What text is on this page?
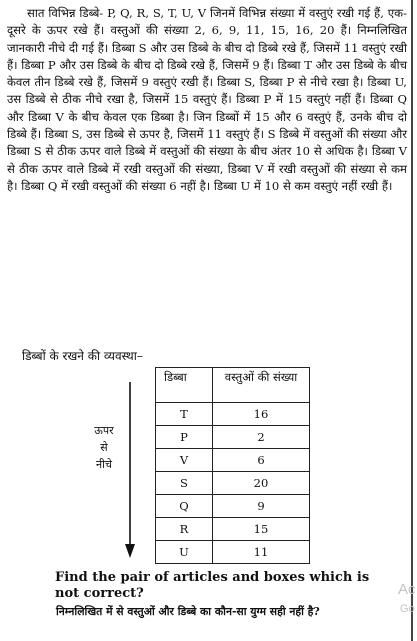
सात विभिन्न डिब्बे- P, Q, R, S, T, U, V जिनमें विभिन्न संख्या में वस्तुएं रखी गई हैं, एक-दूसरे के ऊपर रखे हैं। वस्तुओं की संख्या 2, 6, 9, 11, 15, 16, 20 हैं। निम्नलिखित जानकारी नीचे दी गई हैं। डिब्बा S और उस डिब्बे के बीच दो डिब्बे रखे हैं, जिसमें 11 वस्तुएं रखी हैं। डिब्बा P और उस डिब्बे के बीच दो डिब्बे रखे हैं, जिसमें 9 हैं। डिब्बा T और उस डिब्बे के बीच केवल तीन डिब्बे रखे हैं, जिसमें 9 वस्तुएं रखी हैं। डिब्बा S, डिब्बा P से नीचे रखा है। डिब्बा U, उस डिब्बे से ठीक नीचे रखा है, जिसमें 15 वस्तुएं हैं। डिब्बा P में 15 वस्तुएं नहीं हैं। डिब्बा Q और डिब्बा V के बीच केवल एक डिब्बा है। जिन डिब्बों में 15 और 6 वस्तुएं हैं, उनके बीच दो डिब्बे हैं। डिब्बा S, उस डिब्बे से ऊपर है, जिसमें 11 वस्तुएं हैं। S डिब्बे में वस्तुओं की संख्या और डिब्बा S से ठीक ऊपर वाले डिब्बे में वस्तुओं की संख्या के बीच अंतर 10 से अधिक है। डिब्बा V से ठीक ऊपर वाले डिब्बे में रखी वस्तुओं की संख्या, डिब्बा V में रखी वस्तुओं की संख्या से कम है। डिब्बा Q में रखी वस्तुओं की संख्या 6 नहीं है। डिब्बा U में 10 से कम वस्तुएं नहीं रखी हैं।

डिब्बों के रखने की व्यवस्था–
ऊपर
से
नीचे
डिब्बा	वस्तुओं की संख्या
T	16
P	2
V	6
S	20
Q	9
R	15
U	11

Find the pair of articles and boxes which is not correct?

निम्नलिखित में से वस्तुओं और डिब्बे का कौन-सा युग्म सही नहीं है?

Ac
Go
